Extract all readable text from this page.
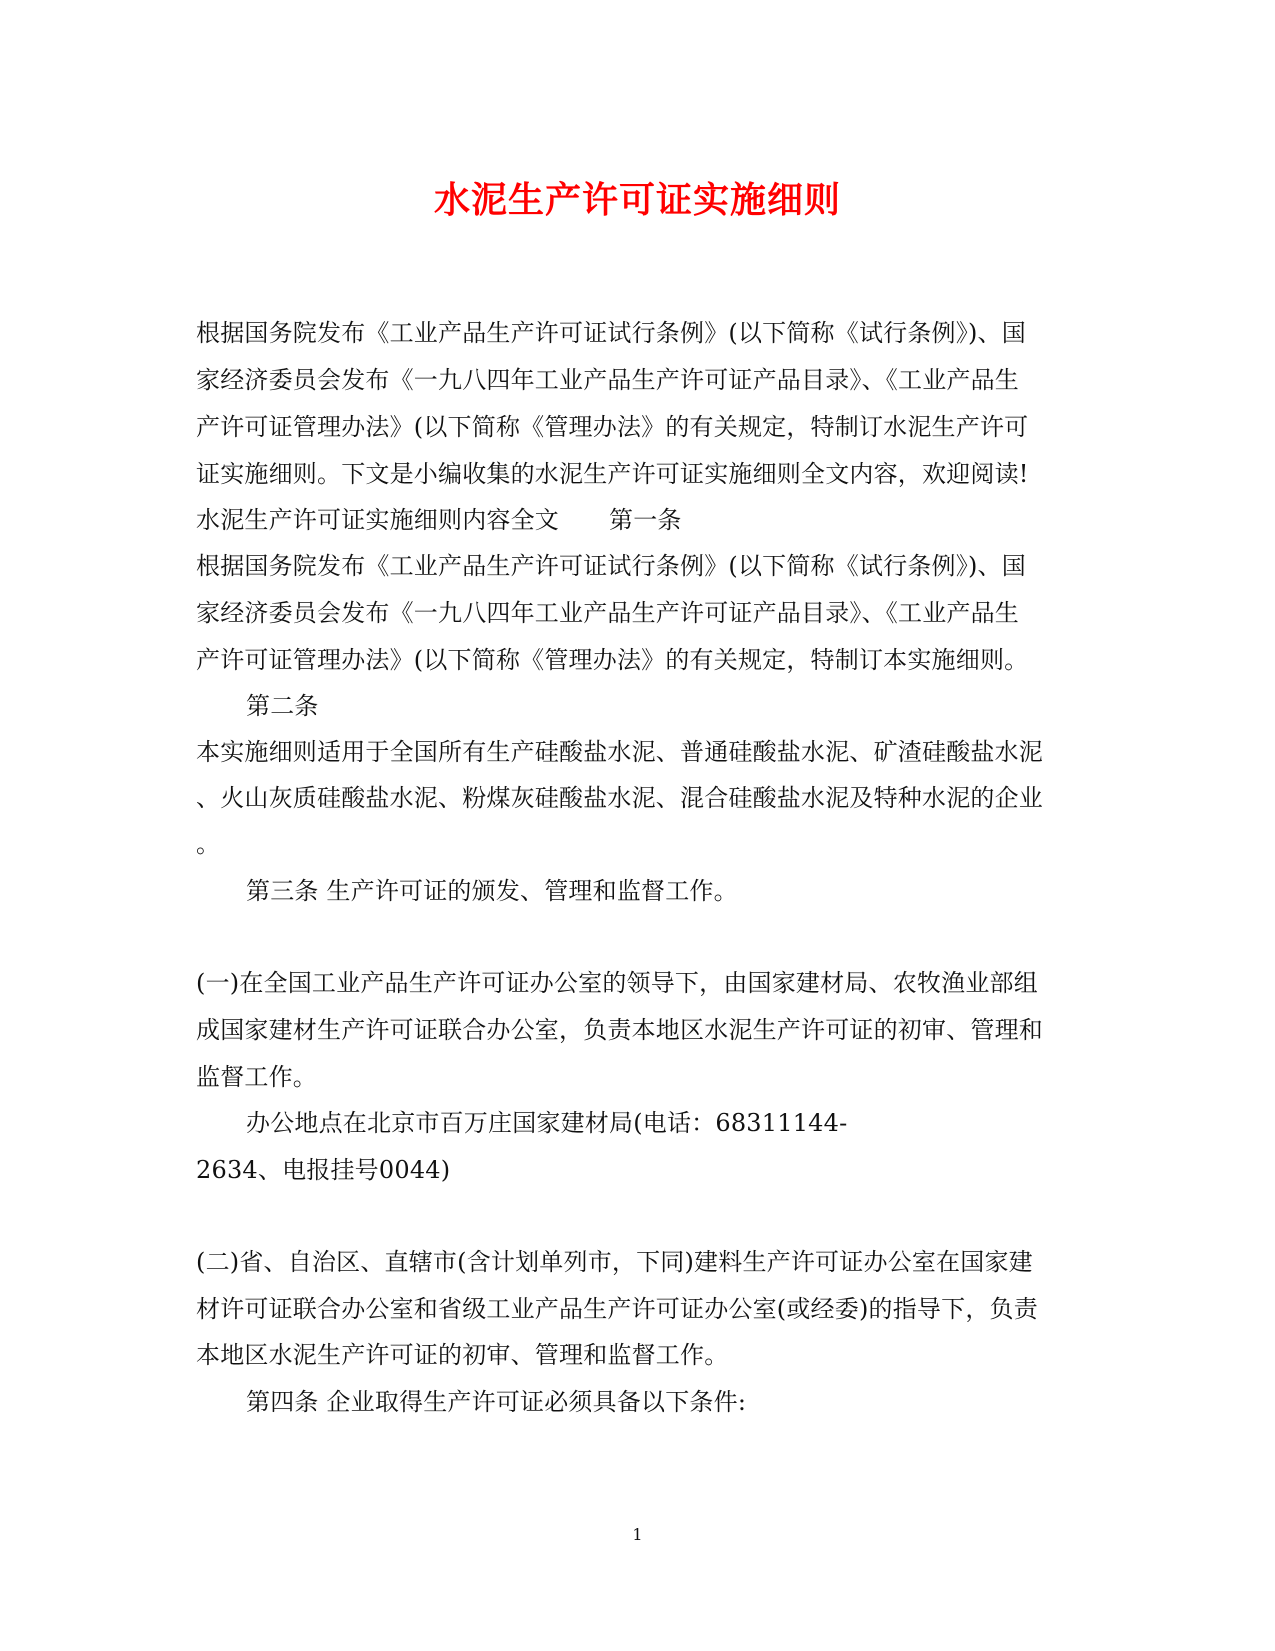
水泥生产许可证实施细则
根据国务院发布《工业产品生产许可证试行条例》(以下简称《试行条例》)、国
家经济委员会发布《一九八四年工业产品生产许可证产品目录》、《工业产品生
产许可证管理办法》(以下简称《管理办法》的有关规定，特制订水泥生产许可
证实施细则。下文是小编收集的水泥生产许可证实施细则全文内容，欢迎阅读!
水泥生产许可证实施细则内容全文 第一条
根据国务院发布《工业产品生产许可证试行条例》(以下简称《试行条例》)、国
家经济委员会发布《一九八四年工业产品生产许可证产品目录》、《工业产品生
产许可证管理办法》(以下简称《管理办法》的有关规定，特制订本实施细则。
第二条
本实施细则适用于全国所有生产硅酸盐水泥、普通硅酸盐水泥、矿渣硅酸盐水泥
、火山灰质硅酸盐水泥、粉煤灰硅酸盐水泥、混合硅酸盐水泥及特种水泥的企业
。
第三条 生产许可证的颁发、管理和监督工作。
(一)在全国工业产品生产许可证办公室的领导下，由国家建材局、农牧渔业部组
成国家建材生产许可证联合办公室，负责本地区水泥生产许可证的初审、管理和
监督工作。
办公地点在北京市百万庄国家建材局(电话：68311144-
2634、电报挂号0044)
(二)省、自治区、直辖市(含计划单列市，下同)建料生产许可证办公室在国家建
材许可证联合办公室和省级工业产品生产许可证办公室(或经委)的指导下，负责
本地区水泥生产许可证的初审、管理和监督工作。
第四条 企业取得生产许可证必须具备以下条件:
1
